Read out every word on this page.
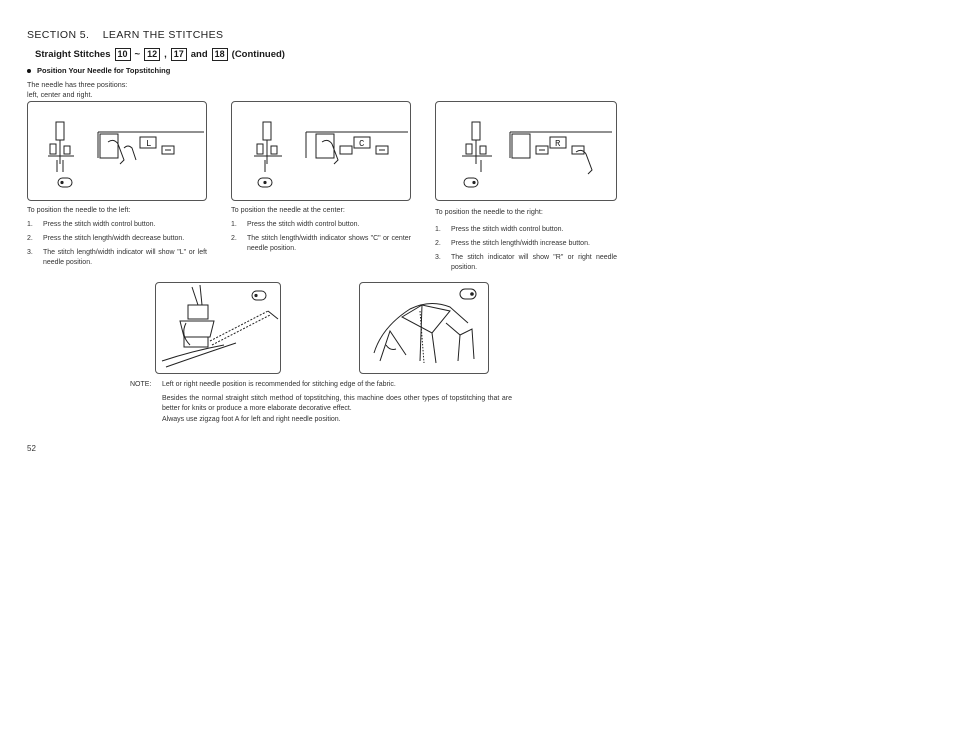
SECTION 5. LEARN THE STITCHES
Straight Stitches 10 ~ 12 , 17 and 18 (Continued)
Position Your Needle for Topstitching
The needle has three positions:
left, center and right.
L	C	R
To position the needle to the left:
1.	Press the stitch width control button.
2.	Press the stitch length/width decrease button.
3.	The stitch length/width indicator will show "L" or left needle position.
To position the needle at the center:
1.	Press the stitch width control button.
2.	The stitch length/width indicator shows "C" or center needle position.
To position the needle to the right:
1.	Press the stitch width control button.
2.	Press the stitch length/width increase button.
3.	The stitch indicator will show "R" or right needle position.
NOTE:	Left or right needle position is recommended for stitching edge of the fabric.
Besides the normal straight stitch method of topstitching, this machine does other types of topstitching that are better for knits or produce a more elaborate decorative effect.
Always use zigzag foot A for left and right needle position.
52
